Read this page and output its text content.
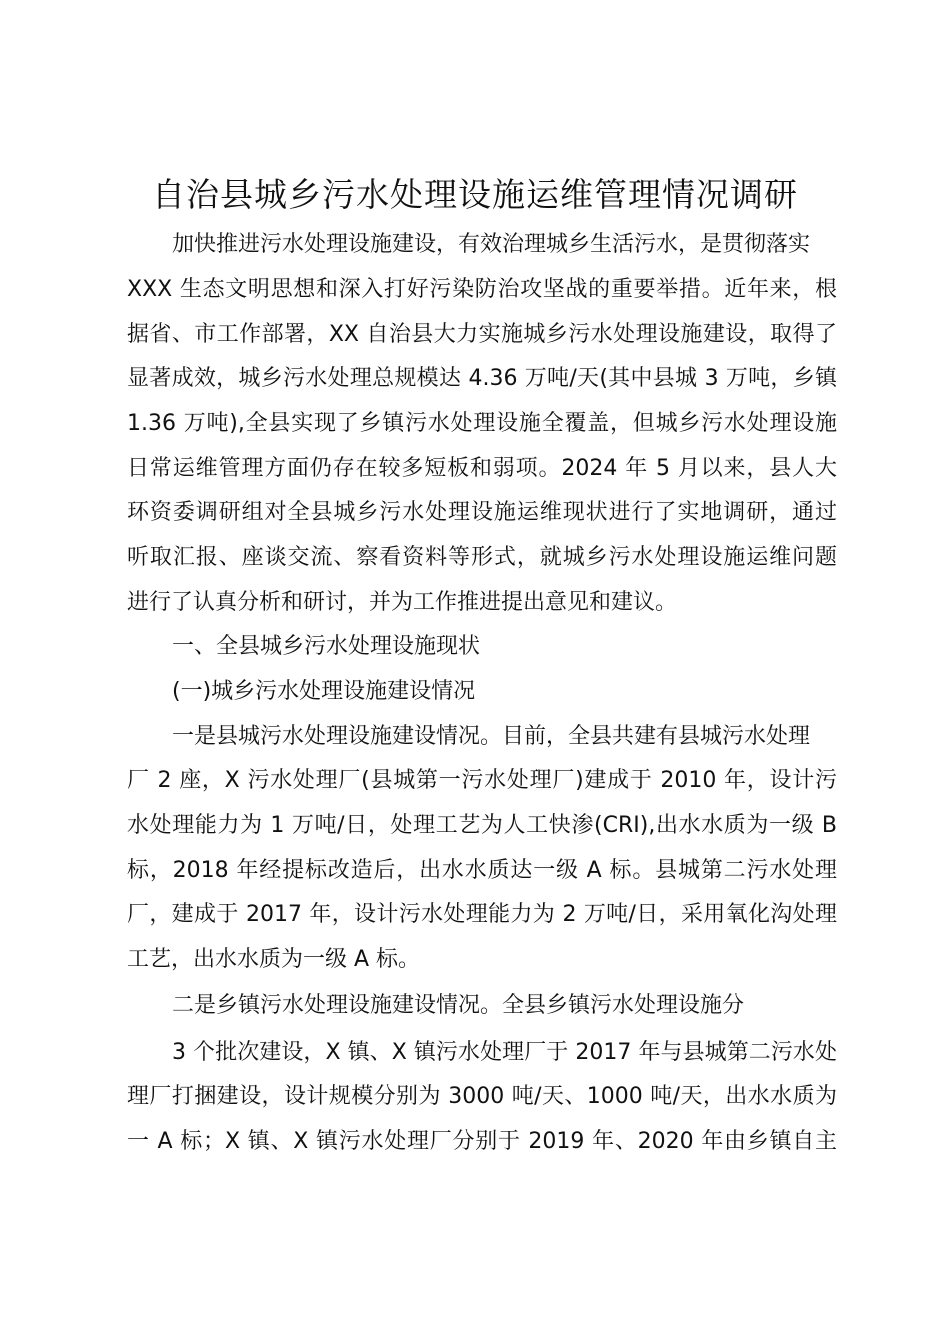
自治县城乡污水处理设施运维管理情况调研

加快推进污水处理设施建设，有效治理城乡生活污水，是贯彻落实

XXX 生态文明思想和深入打好污染防治攻坚战的重要举措。近年来，根

据省、市工作部署，XX 自治县大力实施城乡污水处理设施建设，取得了

显著成效，城乡污水处理总规模达 4.36 万吨/天(其中县城 3 万吨，乡镇

1.36 万吨),全县实现了乡镇污水处理设施全覆盖，但城乡污水处理设施

日常运维管理方面仍存在较多短板和弱项。2024 年 5 月以来，县人大

环资委调研组对全县城乡污水处理设施运维现状进行了实地调研，通过

听取汇报、座谈交流、察看资料等形式，就城乡污水处理设施运维问题

进行了认真分析和研讨，并为工作推进提出意见和建议。

一、全县城乡污水处理设施现状

(一)城乡污水处理设施建设情况

一是县城污水处理设施建设情况。目前，全县共建有县城污水处理

厂 2 座，X 污水处理厂(县城第一污水处理厂)建成于 2010 年，设计污

水处理能力为 1 万吨/日，处理工艺为人工快渗(CRI),出水水质为一级 B

标，2018 年经提标改造后，出水水质达一级 A 标。县城第二污水处理

厂，建成于 2017 年，设计污水处理能力为 2 万吨/日，采用氧化沟处理

工艺，出水水质为一级 A 标。

二是乡镇污水处理设施建设情况。全县乡镇污水处理设施分

3 个批次建设，X 镇、X 镇污水处理厂于 2017 年与县城第二污水处

理厂打捆建设，设计规模分别为 3000 吨/天、1000 吨/天，出水水质为

一 A 标；X 镇、X 镇污水处理厂分别于 2019 年、2020 年由乡镇自主
